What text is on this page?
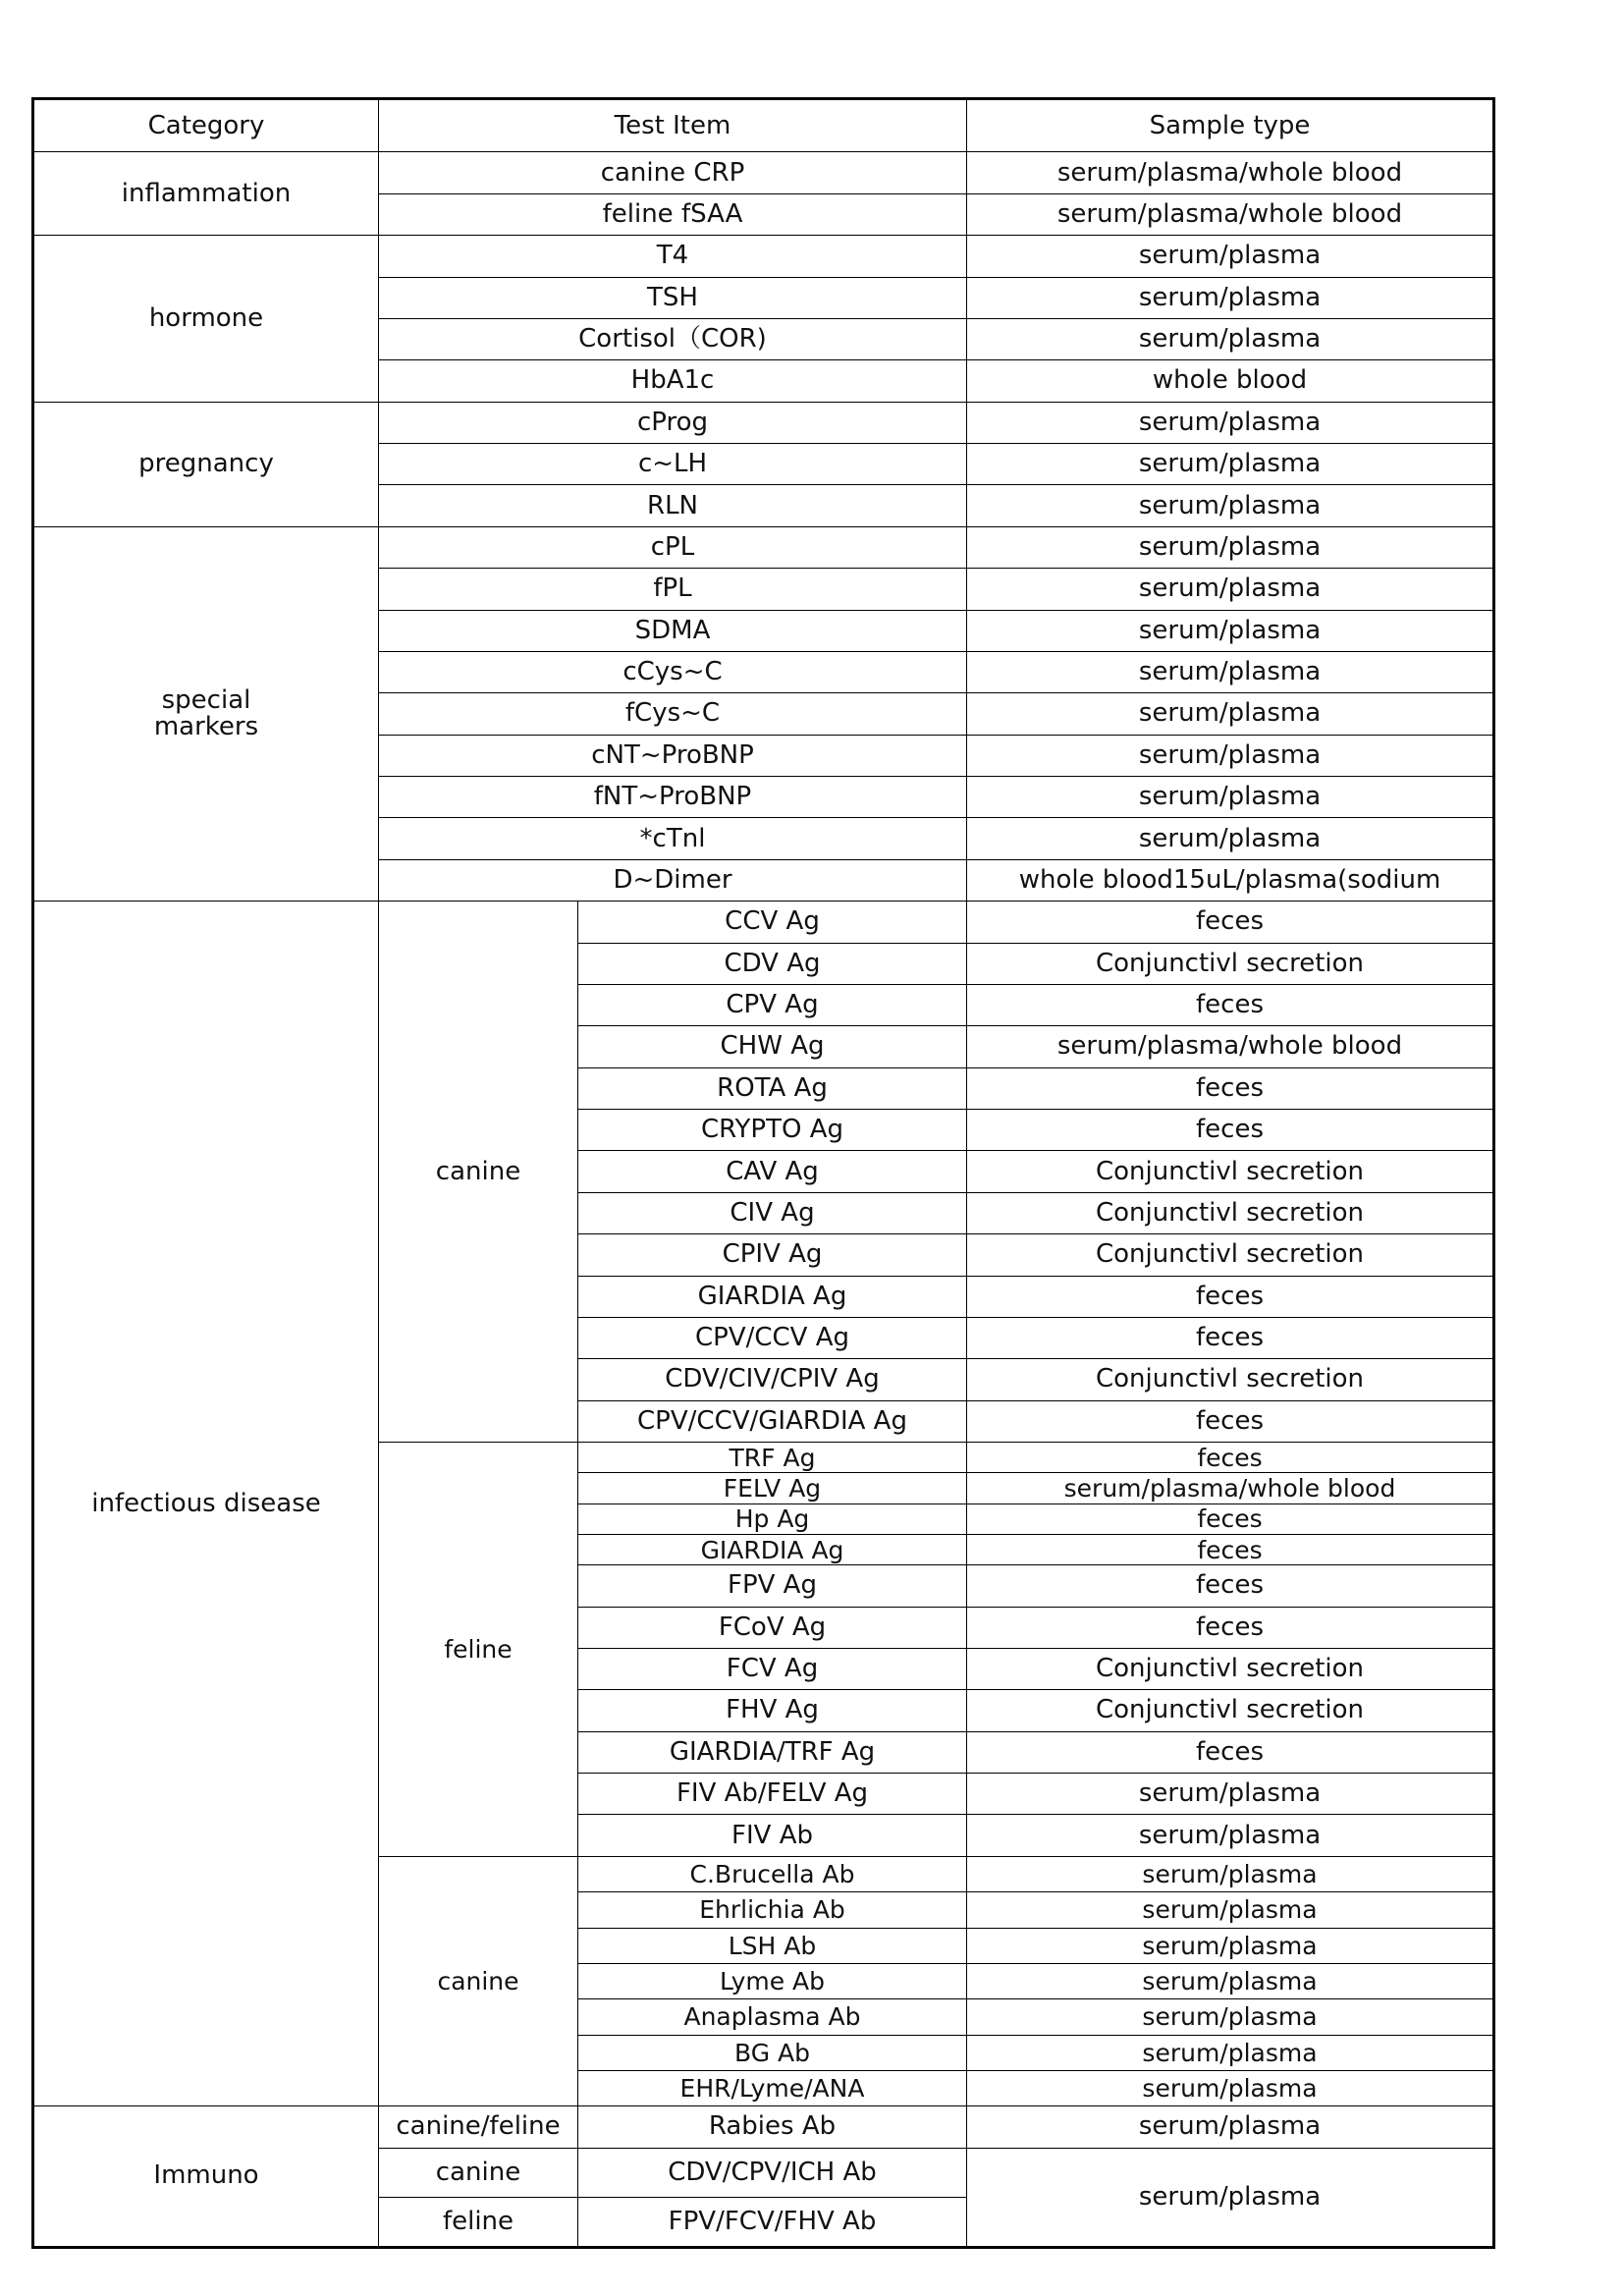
Category	Test Item		Sample type
inflammation	canine CRP		serum/plasma/whole blood
	feline fSAA		serum/plasma/whole blood
hormone	T4		serum/plasma
	TSH		serum/plasma
	Cortisol（COR)		serum/plasma
	HbA1c		whole blood
pregnancy	cProg		serum/plasma
	c~LH		serum/plasma
	RLN		serum/plasma
special
markers	cPL		serum/plasma
	fPL		serum/plasma
	SDMA		serum/plasma
	cCys~C		serum/plasma
	fCys~C		serum/plasma
	cNT~ProBNP		serum/plasma
	fNT~ProBNP		serum/plasma
	*cTnl		serum/plasma
	D~Dimer		whole blood15uL/plasma(sodium
infectious disease	canine	CCV Ag	feces
		CDV Ag	Conjunctivl secretion
		CPV Ag	feces
		CHW Ag	serum/plasma/whole blood
		ROTA Ag	feces
		CRYPTO Ag	feces
		CAV Ag	Conjunctivl secretion
		CIV Ag	Conjunctivl secretion
		CPIV Ag	Conjunctivl secretion
		GIARDIA Ag	feces
		CPV/CCV Ag	feces
		CDV/CIV/CPIV Ag	Conjunctivl secretion
		CPV/CCV/GIARDIA Ag	feces
	feline	TRF Ag	feces
		FELV Ag	serum/plasma/whole blood
		Hp Ag	feces
		GIARDIA Ag	feces
		FPV Ag	feces
		FCoV Ag	feces
		FCV Ag	Conjunctivl secretion
		FHV Ag	Conjunctivl secretion
		GIARDIA/TRF Ag	feces
		FIV Ab/FELV Ag	serum/plasma
		FIV Ab	serum/plasma
	canine	C.Brucella Ab	serum/plasma
		Ehrlichia Ab	serum/plasma
		LSH Ab	serum/plasma
		Lyme Ab	serum/plasma
		Anaplasma Ab	serum/plasma
		BG Ab	serum/plasma
		EHR/Lyme/ANA	serum/plasma
Immuno	canine/feline	Rabies Ab	serum/plasma
	canine	CDV/CPV/ICH Ab	serum/plasma
	feline	FPV/FCV/FHV Ab	
